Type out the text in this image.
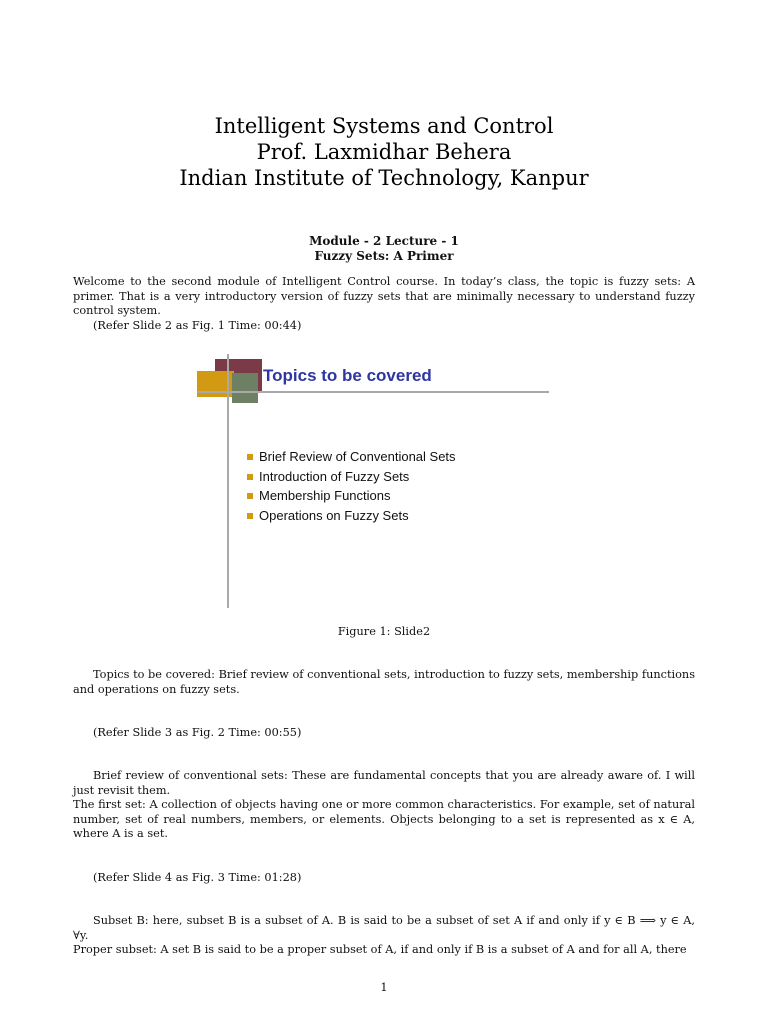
Intelligent Systems and Control
Prof. Laxmidhar Behera
Indian Institute of Technology, Kanpur
Module - 2 Lecture - 1
Fuzzy Sets: A Primer

Welcome to the second module of Intelligent Control course. In today’s class, the topic is fuzzy sets: A primer. That is a very introductory version of fuzzy sets that are minimally necessary to understand fuzzy control system.

(Refer Slide 2 as Fig. 1 Time: 00:44)

Topics to be covered
Brief Review of Conventional Sets
Introduction of Fuzzy Sets
Membership Functions
Operations on Fuzzy Sets
Figure 1: Slide2

Topics to be covered: Brief review of conventional sets, introduction to fuzzy sets, membership functions and operations on fuzzy sets.

(Refer Slide 3 as Fig. 2 Time: 00:55)

Brief review of conventional sets: These are fundamental concepts that you are already aware of. I will just revisit them.

The first set: A collection of objects having one or more common characteristics. For example, set of natural number, set of real numbers, members, or elements. Objects belonging to a set is represented as x ∈ A, where A is a set.

(Refer Slide 4 as Fig. 3 Time: 01:28)

Subset B: here, subset B is a subset of A. B is said to be a subset of set A if and only if y ∈ B ⟹ y ∈ A, ∀y.

Proper subset: A set B is said to be a proper subset of A, if and only if B is a subset of A and for all A, there

1
